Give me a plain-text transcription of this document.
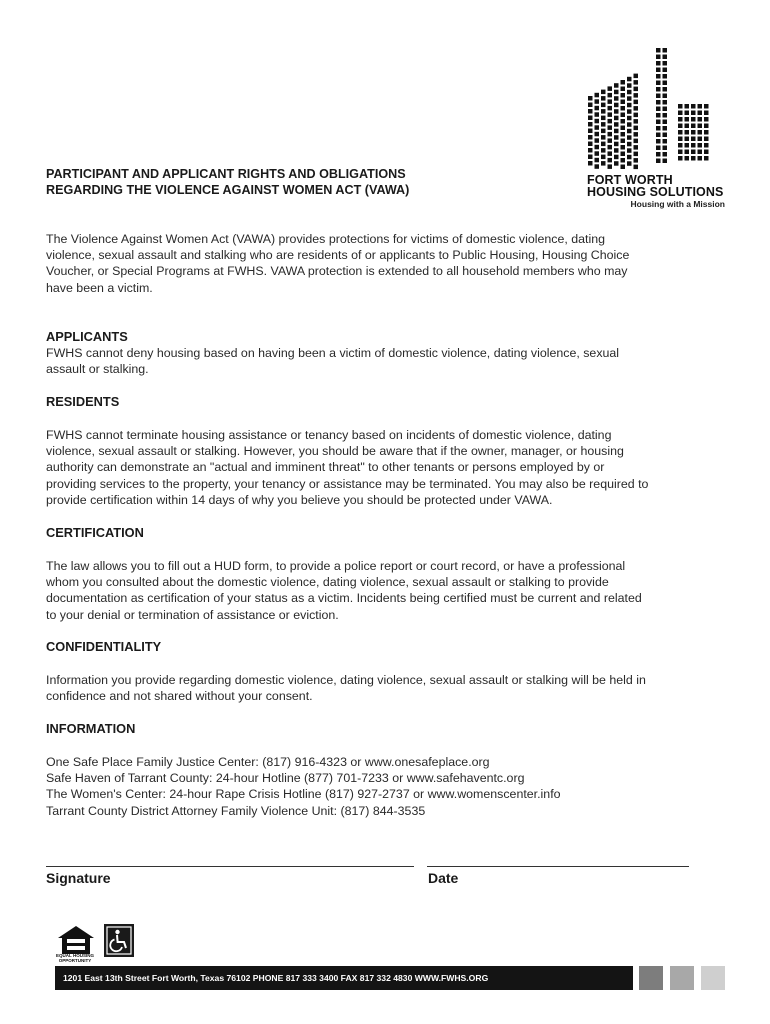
PARTICIPANT AND APPLICANT RIGHTS AND OBLIGATIONS
REGARDING THE VIOLENCE AGAINST WOMEN ACT (VAWA)
FORT WORTH
HOUSING SOLUTIONS
Housing with a Mission
The Violence Against Women Act (VAWA) provides protections for victims of domestic violence, dating
violence, sexual assault and stalking who are residents of or applicants to Public Housing, Housing Choice
Voucher, or Special Programs at FWHS. VAWA protection is extended to all household members who may
have been a victim.
APPLICANTS
FWHS cannot deny housing based on having been a victim of domestic violence, dating violence, sexual
assault or stalking.
RESIDENTS
FWHS cannot terminate housing assistance or tenancy based on incidents of domestic violence, dating
violence, sexual assault or stalking. However, you should be aware that if the owner, manager, or housing
authority can demonstrate an "actual and imminent threat" to other tenants or persons employed by or
providing services to the property, your tenancy or assistance may be terminated. You may also be required to
provide certification within 14 days of why you believe you should be protected under VAWA.
CERTIFICATION
The law allows you to fill out a HUD form, to provide a police report or court record, or have a professional
whom you consulted about the domestic violence, dating violence, sexual assault or stalking to provide
documentation as certification of your status as a victim. Incidents being certified must be current and related
to your denial or termination of assistance or eviction.
CONFIDENTIALITY
Information you provide regarding domestic violence, dating violence, sexual assault or stalking will be held in
confidence and not shared without your consent.
INFORMATION
One Safe Place Family Justice Center: (817) 916-4323 or www.onesafeplace.org
Safe Haven of Tarrant County: 24-hour Hotline (877) 701-7233 or www.safehaventc.org
The Women's Center: 24-hour Rape Crisis Hotline (817) 927-2737 or www.womenscenter.info
Tarrant County District Attorney Family Violence Unit: (817) 844-3535
Signature	Date
EQUAL HOUSING OPPORTUNITY
1201 East 13th Street Fort Worth, Texas 76102 PHONE 817 333 3400 FAX 817 332 4830 WWW.FWHS.ORG
